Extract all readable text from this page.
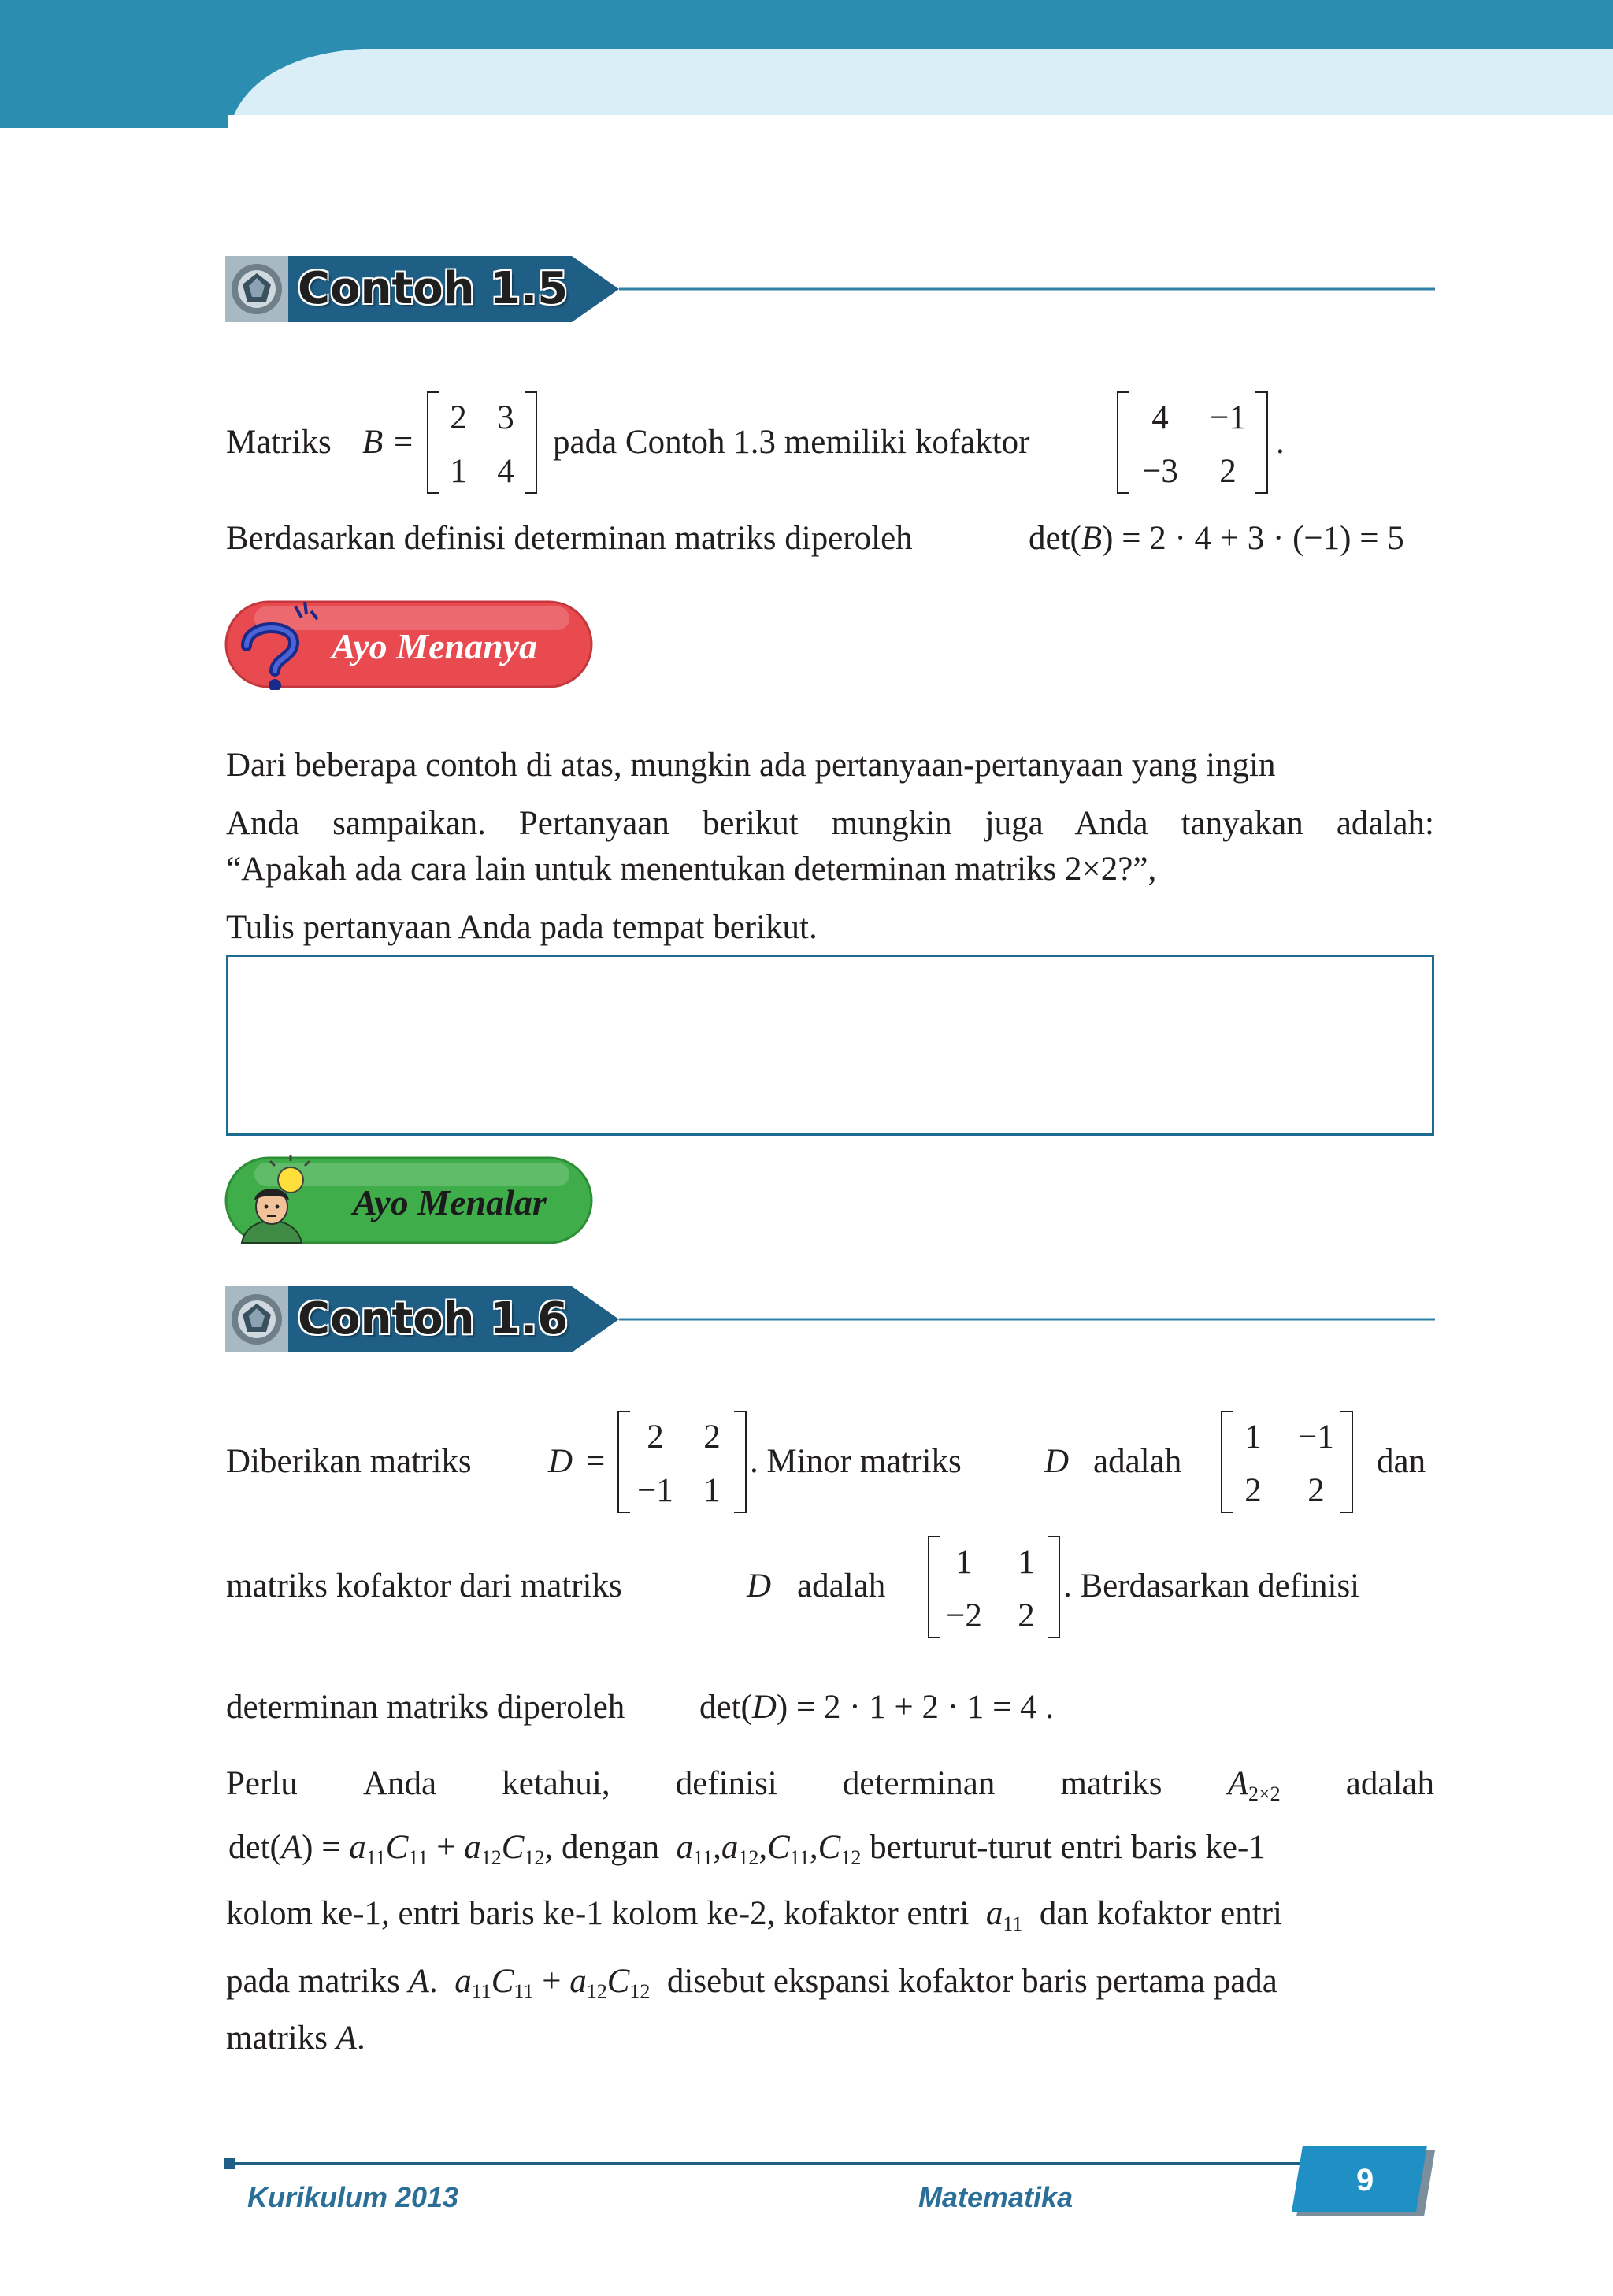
Contoh 1.5
Matriks B =
2 3
1 4
pada Contoh 1.3 memiliki kofaktor
4	−1
−3	2
.
Berdasarkan definisi determinan matriks diperoleh	det(B) = 2 · 4 + 3 · (−1) = 5
Ayo Menanya
Dari beberapa contoh di atas, mungkin ada pertanyaan-pertanyaan yang ingin
Anda sampaikan. Pertanyaan berikut mungkin juga Anda tanyakan adalah:
“Apakah ada cara lain untuk menentukan determinan matriks 2×2?”,
Tulis pertanyaan Anda pada tempat berikut.
Ayo Menalar
Contoh 1.6
Diberikan matriks D =
2	2
−1 1
. Minor matriks D adalah
1	−1
2	2
dan
matriks kofaktor dari matriks	D adalah
1	1
−2	2
. Berdasarkan definisi
determinan matriks diperoleh det(D) = 2 · 1 + 2 · 1 = 4 .
Perlu Anda ketahui, definisi determinan matriks $A_{2\times 2}$ adalah
$\det(A) = a_{11}C_{11} + a_{12}C_{12}$, dengan $a_{11},a_{12},C_{11},C_{12}$ berturut-turut entri baris ke-1
kolom ke-1, entri baris ke-1 kolom ke-2, kofaktor entri $a_{11}$ dan kofaktor entri
pada matriks A. $a_{11}C_{11} + a_{12}C_{12}$ disebut ekspansi kofaktor baris pertama pada
matriks A.
Kurikulum 2013	Matematika	9
